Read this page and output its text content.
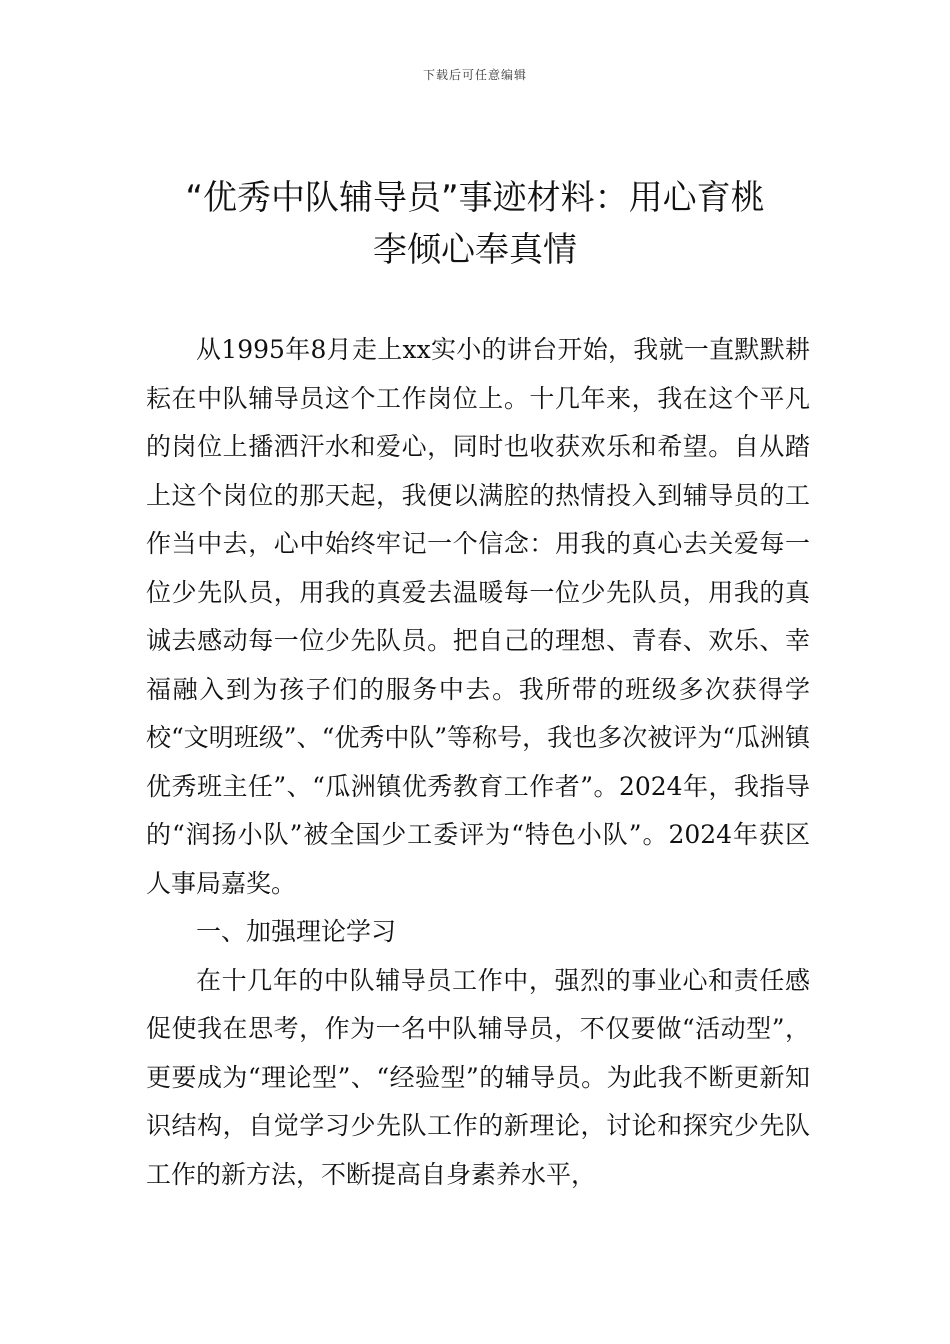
下载后可任意编辑
“优秀中队辅导员”事迹材料：用心育桃
李倾心奉真情

从1995年8月走上xx实小的讲台开始，我就一直默默耕耘在中队辅导员这个工作岗位上。十几年来，我在这个平凡的岗位上播洒汗水和爱心，同时也收获欢乐和希望。自从踏上这个岗位的那天起，我便以满腔的热情投入到辅导员的工作当中去，心中始终牢记一个信念：用我的真心去关爱每一位少先队员，用我的真爱去温暖每一位少先队员，用我的真诚去感动每一位少先队员。把自己的理想、青春、欢乐、幸福融入到为孩子们的服务中去。我所带的班级多次获得学校“文明班级”、“优秀中队”等称号，我也多次被评为“瓜洲镇优秀班主任”、“瓜洲镇优秀教育工作者”。2024年，我指导的“润扬小队”被全国少工委评为“特色小队”。2024年获区人事局嘉奖。

一、加强理论学习

在十几年的中队辅导员工作中，强烈的事业心和责任感促使我在思考，作为一名中队辅导员，不仅要做“活动型”，更要成为“理论型”、“经验型”的辅导员。为此我不断更新知识结构，自觉学习少先队工作的新理论，讨论和探究少先队工作的新方法，不断提高自身素养水平，
